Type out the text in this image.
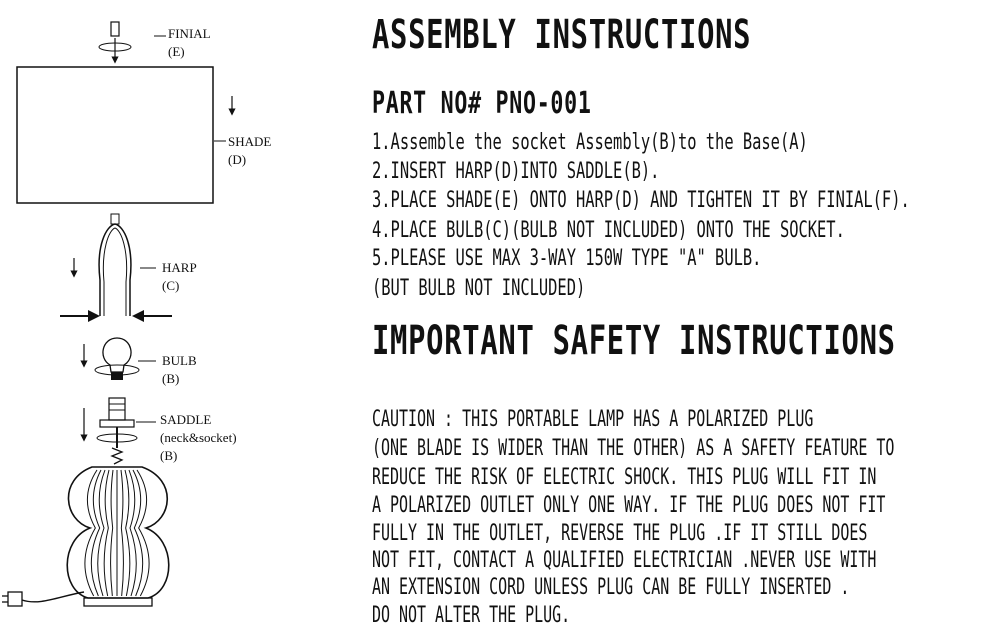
FINIAL
(E)
SHADE
(D)
HARP
(C)
BULB
(B)
SADDLE
(neck&socket)
(B)
ASSEMBLY INSTRUCTIONS
PART NO# PNO-001

1.Assemble the socket Assembly(B)to the Base(A)

2.INSERT HARP(D)INTO SADDLE(B).

3.PLACE SHADE(E) ONTO HARP(D) AND TIGHTEN IT BY FINIAL(F).

4.PLACE BULB(C)(BULB NOT INCLUDED) ONTO THE SOCKET.

5.PLEASE USE MAX 3-WAY 150W TYPE "A" BULB.

(BUT BULB NOT INCLUDED)

IMPORTANT SAFETY INSTRUCTIONS

CAUTION : THIS PORTABLE LAMP HAS A POLARIZED PLUG

(ONE BLADE IS WIDER THAN THE OTHER) AS A SAFETY FEATURE TO

REDUCE THE RISK OF ELECTRIC SHOCK. THIS PLUG WILL FIT IN

A POLARIZED OUTLET ONLY ONE WAY. IF THE PLUG DOES NOT FIT

FULLY IN THE OUTLET, REVERSE THE PLUG .IF IT STILL DOES

NOT FIT, CONTACT A QUALIFIED ELECTRICIAN .NEVER USE WITH

AN EXTENSION CORD UNLESS PLUG CAN BE FULLY INSERTED .

DO NOT ALTER THE PLUG.
